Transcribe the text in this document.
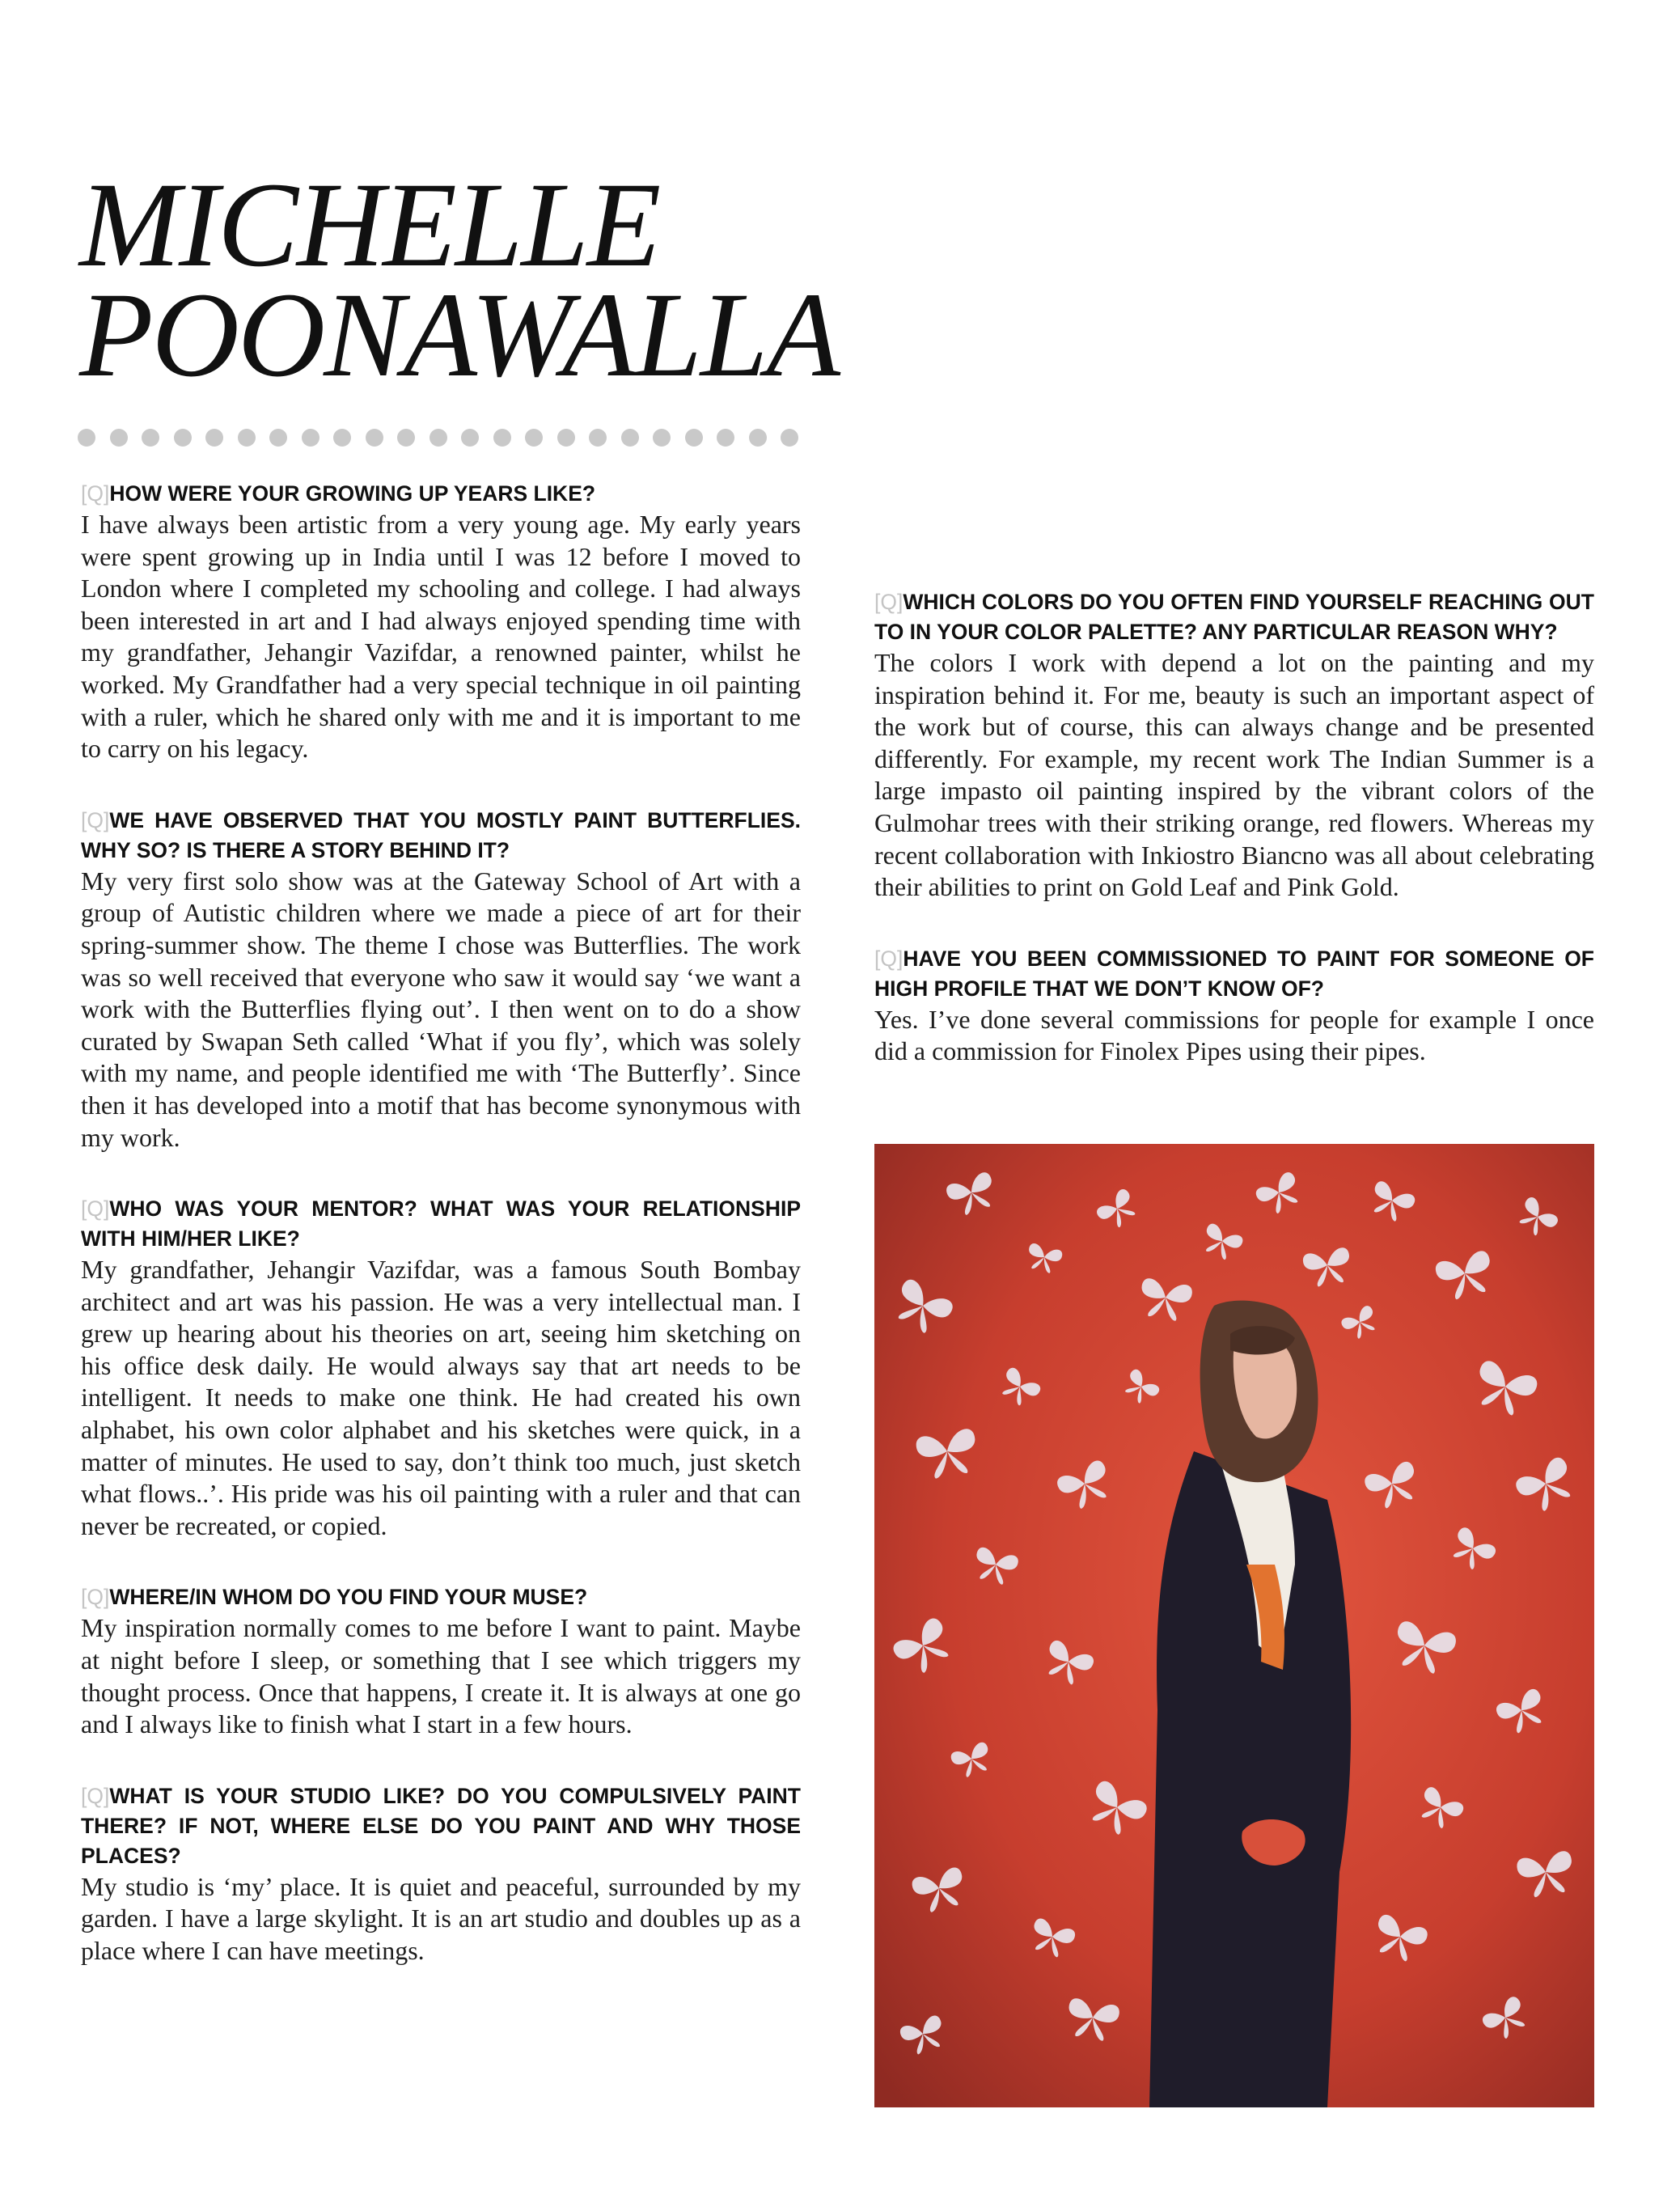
MICHELLE
POONAWALLA

[Q]HOW WERE YOUR GROWING UP YEARS LIKE?

I have always been artistic from a very young age. My early years were spent growing up in India until I was 12 before I moved to London where I completed my schooling and college. I had always been interested in art and I had always enjoyed spending time with my grandfather, Jehangir Vazifdar, a renowned painter, whilst he worked. My Grandfather had a very special technique in oil painting with a ruler, which he shared only with me and it is important to me to carry on his legacy.

[Q]WE HAVE OBSERVED THAT YOU MOSTLY PAINT BUTTERFLIES. WHY SO? IS THERE A STORY BEHIND IT?

My very first solo show was at the Gateway School of Art with a group of Autistic children where we made a piece of art for their spring-summer show. The theme I chose was Butterflies. The work was so well received that everyone who saw it would say ‘we want a work with the Butterflies flying out’. I then went on to do a show curated by Swapan Seth called ‘What if you fly’, which was solely with my name, and people identified me with ‘The Butterfly’. Since then it has developed into a motif that has become synonymous with my work.

[Q]WHO WAS YOUR MENTOR? WHAT WAS YOUR RELATIONSHIP WITH HIM/HER LIKE?

My grandfather, Jehangir Vazifdar, was a famous South Bombay architect and art was his passion. He was a very intellectual man. I grew up hearing about his theories on art, seeing him sketching on his office desk daily. He would always say that art needs to be intelligent. It needs to make one think. He had created his own alphabet, his own color alphabet and his sketches were quick, in a matter of minutes. He used to say, don’t think too much, just sketch what flows..’. His pride was his oil painting with a ruler and that can never be recreated, or copied.

[Q]WHERE/IN WHOM DO YOU FIND YOUR MUSE?

My inspiration normally comes to me before I want to paint. Maybe at night before I sleep, or something that I see which triggers my thought process. Once that happens, I create it. It is always at one go and I always like to finish what I start in a few hours.

[Q]WHAT IS YOUR STUDIO LIKE? DO YOU COMPULSIVELY PAINT THERE? IF NOT, WHERE ELSE DO YOU PAINT AND WHY THOSE PLACES?

My studio is ‘my’ place. It is quiet and peaceful, surrounded by my garden. I have a large skylight. It is an art studio and doubles up as a place where I can have meetings.

[Q]WHICH COLORS DO YOU OFTEN FIND YOURSELF REACHING OUT TO IN YOUR COLOR PALETTE? ANY PARTICULAR REASON WHY?

The colors I work with depend a lot on the painting and my inspiration behind it. For me, beauty is such an important aspect of the work but of course, this can always change and be presented differently. For example, my recent work The Indian Summer is a large impasto oil painting inspired by the vibrant colors of the Gulmohar trees with their striking orange, red flowers. Whereas my recent collaboration with Inkiostro Biancno was all about celebrating their abilities to print on Gold Leaf and Pink Gold.

[Q]HAVE YOU BEEN COMMISSIONED TO PAINT FOR SOMEONE OF HIGH PROFILE THAT WE DON’T KNOW OF?

Yes. I’ve done several commissions for people for example I once did a commission for Finolex Pipes using their pipes.
